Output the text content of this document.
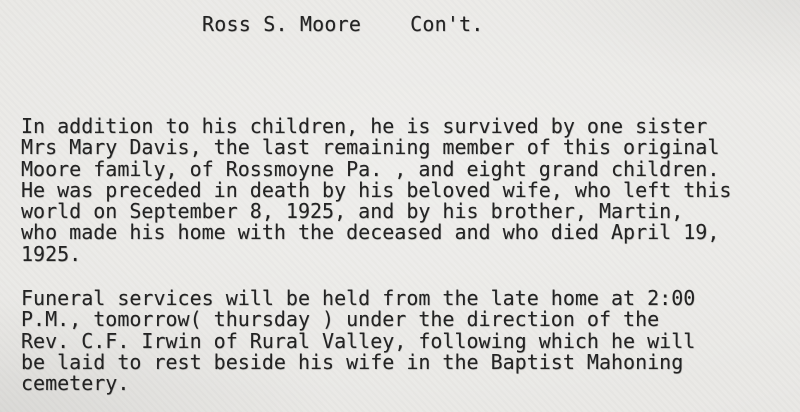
Ross S. Moore    Con't.
In addition to his children, he is survived by one sister
Mrs Mary Davis, the last remaining member of this original
Moore family, of Rossmoyne Pa. , and eight grand children.
He was preceded in death by his beloved wife, who left this
world on September 8, 1925, and by his brother, Martin,
who made his home with the deceased and who died April 19,
1925.
Funeral services will be held from the late home at 2:00
P.M., tomorrow( thursday ) under the direction of the
Rev. C.F. Irwin of Rural Valley, following which he will
be laid to rest beside his wife in the Baptist Mahoning
cemetery.
